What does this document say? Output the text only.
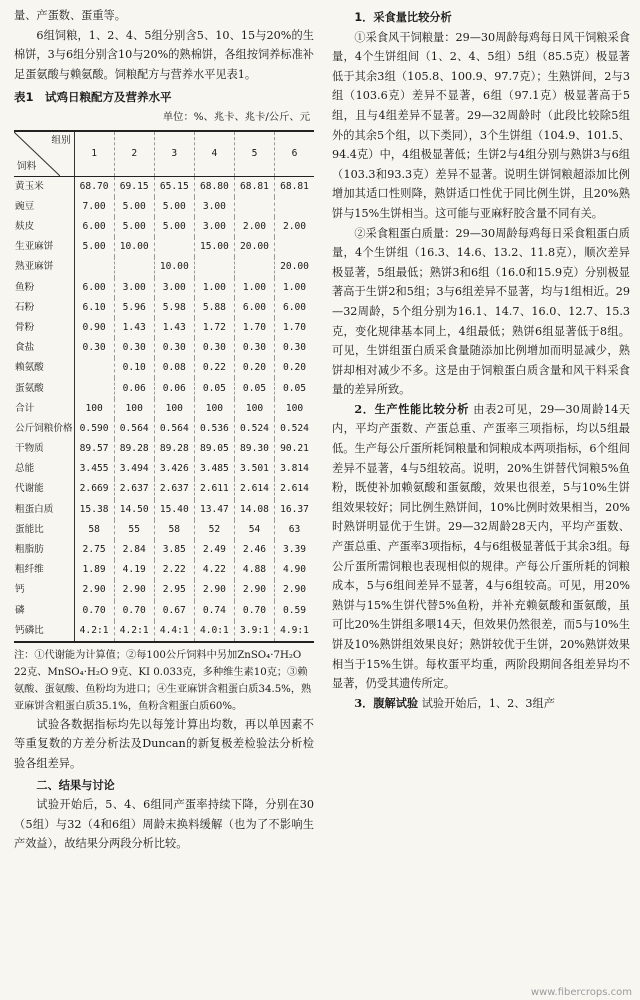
量、产蛋数、蛋重等。

6组饲粮，1、2、4、5组分别含5、10、15与20%的生棉饼，3与6组分别含10与20%的熟棉饼，各组按饲养标准补足蛋氨酸与赖氨酸。饲粮配方与营养水平见表1。

表1　试鸡日粮配方及营养水平
单位：%、兆卡、兆卡/公斤、元
组别
饲料	1	2	3	4	5	6
黄玉米	68.70	69.15	65.15	68.80	68.81	68.81
豌豆	7.00	5.00	5.00	3.00		
麸皮	6.00	5.00	5.00	3.00	2.00	2.00
生亚麻饼	5.00	10.00		15.00	20.00	
熟亚麻饼			10.00			20.00
鱼粉	6.00	3.00	3.00	1.00	1.00	1.00
石粉	6.10	5.96	5.98	5.88	6.00	6.00
骨粉	0.90	1.43	1.43	1.72	1.70	1.70
食盐	0.30	0.30	0.30	0.30	0.30	0.30
赖氨酸		0.10	0.08	0.22	0.20	0.20
蛋氨酸		0.06	0.06	0.05	0.05	0.05
合计	100	100	100	100	100	100
公斤饲粮价格	0.590	0.564	0.564	0.536	0.524	0.524
干物质	89.57	89.28	89.28	89.05	89.30	90.21
总能	3.455	3.494	3.426	3.485	3.501	3.814
代谢能	2.669	2.637	2.637	2.611	2.614	2.614
粗蛋白质	15.38	14.50	15.40	13.47	14.08	16.37
蛋能比	58	55	58	52	54	63
粗脂肪	2.75	2.84	3.85	2.49	2.46	3.39
粗纤维	1.89	4.19	2.22	4.22	4.88	4.90
钙	2.90	2.90	2.95	2.90	2.90	2.90
磷	0.70	0.70	0.67	0.74	0.70	0.59
钙磷比	4.2:1	4.2:1	4.4:1	4.0:1	3.9:1	4.9:1
注：①代谢能为计算值；②每100公斤饲料中另加ZnSO₄·7H₂O 22克、MnSO₄·H₂O 9克、KI 0.033克，多种维生素10克；③赖氨酸、蛋氨酸、鱼粉均为进口；④生亚麻饼含粗蛋白质34.5%，熟亚麻饼含粗蛋白质35.1%，鱼粉含粗蛋白质60%。

试验各数据指标均先以每笼计算出均数，再以单因素不等重复数的方差分析法及Duncan的新复极差检验法分析检验各组差异。

二、结果与讨论

试验开始后，5、4、6组同产蛋率持续下降，分别在30（5组）与32（4和6组）周龄末换料缓解（也为了不影响生产效益），故结果分两段分析比较。

1．采食量比较分析

①采食风干饲粮量：29—30周龄每鸡每日风干饲粮采食量，4个生饼组间（1、2、4、5组）5组（85.5克）极显著低于其余3组（105.8、100.9、97.7克）；生熟饼间，2与3组（103.6克）差异不显著，6组（97.1克）极显著高于5组，且与4组差异不显著。29—32周龄时（此段比较除5组外的其余5个组，以下类同），3个生饼组（104.9、101.5、94.4克）中，4组极显著低；生饼2与4组分别与熟饼3与6组（103.3和93.3克）差异不显著。说明生饼饲粮超添加比例增加其适口性则降，熟饼适口性优于同比例生饼，且20%熟饼与15%生饼相当。这可能与亚麻籽胶含量不同有关。

②采食粗蛋白质量：29—30周龄每鸡每日采食粗蛋白质量，4个生饼组（16.3、14.6、13.2、11.8克），顺次差异极显著，5组最低；熟饼3和6组（16.0和15.9克）分别极显著高于生饼2和5组；3与6组差异不显著，均与1组相近。29—32周龄，5个组分别为16.1、14.7、16.0、12.7、15.3克，变化规律基本同上，4组最低；熟饼6组显著低于8组。可见，生饼组蛋白质采食量随添加比例增加而明显减少，熟饼却相对减少不多。这是由于饲粮蛋白质含量和风干料采食量的差异所致。

2．生产性能比较分析 由表2可见，29—30周龄14天内，平均产蛋数、产蛋总重、产蛋率三项指标，均以5组最低。生产每公斤蛋所耗饲粮量和饲粮成本两项指标，6个组间差异不显著，4与5组较高。说明，20%生饼替代饲粮5%鱼粉，既使补加赖氨酸和蛋氨酸，效果也很差，5与10%生饼组效果较好；同比例生熟饼间，10%比例时效果相当，20%时熟饼明显优于生饼。29—32周龄28天内，平均产蛋数、产蛋总重、产蛋率3项指标，4与6组极显著低于其余3组。每公斤蛋所需饲粮也表现相似的规律。产每公斤蛋所耗的饲粮成本，5与6组间差异不显著，4与6组较高。可见，用20%熟饼与15%生饼代替5%鱼粉，并补充赖氨酸和蛋氨酸，虽可比20%生饼组多喂14天，但效果仍然很差，而5与10%生饼及10%熟饼组效果良好；熟饼较优于生饼，20%熟饼效果相当于15%生饼。每枚蛋平均重，两阶段期间各组差异均不显著，仍受其遗传所定。

3．腹解试验 试验开始后，1、2、3组产

www.fibercrops.com
